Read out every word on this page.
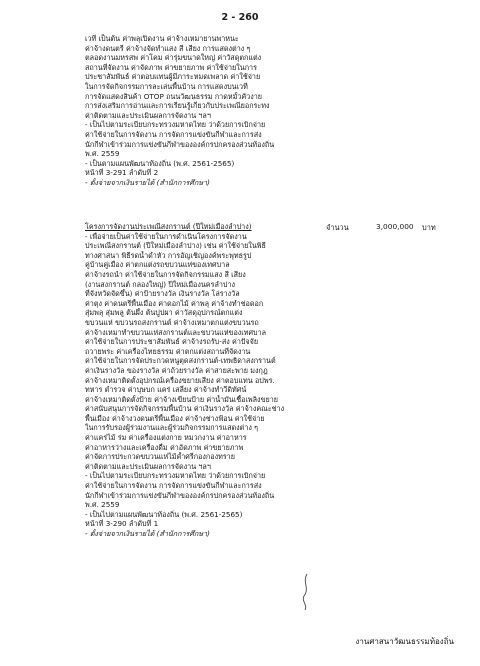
2 - 260
เวที เป็นต้น ค่าพลุเปิดงาน ค่าจ้างเหมายานพาหนะ
ค่าจ้างดนตรี ค่าจ้างจัดทำแสง สี เสียง การแสดงต่าง ๆ
ตลอดงานมหรสพ ค่าโคม ค่ารุ่มขนาดใหญ่ ค่าวัสดุตกแต่ง
สถานที่จัดงาน ค่าจัดภาพ ค่าขยายภาพ ค่าใช้จ่ายในการ
ประชาสัมพันธ์ ค่าตอบแทนผู้มีภาระหมดเพลาด ค่าใช้จ่าย
ในการจัดกิจกรรมการละเล่นพื้นบ้าน การแสดงบนเวที
การจัดแสดงสินค้า OTOP ถนนวัฒนธรรม กาดหมั้วคัวงาย
การส่งเสริมการอ่านและการเรียนรู้เกี่ยวกับประเพณียอกระทง
ค่าติดตามและประเมินผลการจัดงาน ฯลฯ
- เป็นไปตามระเบียบกระทรวงมหาดไทย ว่าด้วยการเบิกจ่าย
ค่าใช้จ่ายในการจัดงาน การจัดการแข่งขันกีฬาและการส่ง
นักกีฬาเข้าร่วมการแข่งขันกีฬาขององค์กรปกครองส่วนท้องถิ่น
พ.ศ. 2559
- เป็นตามแผนพัฒนาท้องถิ่น (พ.ศ. 2561-2565)
หน้าที่ 3-291 ลำดับที่ 2
- ตั้งจ่ายจากเงินรายได้ (สำนักการศึกษา)
โครงการจัดงานประเพณีสงกรานต์ (ปีใหม่เมืองลำปาง)
- เพื่อจ่ายเป็นค่าใช้จ่ายในการดำเนินโครงการจัดงาน
ประเพณีสงกรานต์ (ปีใหม่เมืองลำปาง) เช่น ค่าใช้จ่ายในพิธี
ทางศาสนา พิธีรดน้ำดำหัว การอัญเชิญองค์พระพุทธรูป
คู่บ้านคู่เมือง ค่าตกแต่งรถขบวนแห่ของเทศบาล
ค่าจ้างรถนำ ค่าใช้จ่ายในการจัดกิจกรรมแสง สี เสียง
(งานสงกรานต์ กลองใหญ่) ปีใหม่เมืองนครลำปาง
ที่จังหวัดจัดขึ้น) ค่าป้ายรางวัล เงินรางวัล โล่รางวัล
ค่าตุง ค่าดนตรีพื้นเมือง ค่าดอกไม้ ค่าพลุ ค่าจ้างทำช่อดอก
สุ่มพลุ สุ่มพลู ต้นผึ้ง ต้นปูปผา ค่าวัสดุอุปกรณ์ตกแต่ง
ขบวนแห่ ขบวนรถสงกรานต์ ค่าจ้างเหมาตกแต่งขบวนรถ
ค่าจ้างเหมาทำขบวนแห่สงกรานต์และขบวนแห่ของเทศบาล
ค่าใช้จ่ายในการประชาสัมพันธ์ ค่าจ้างรถรับ-ส่ง ค่าปัจจัย
ถวายพระ ค่าเครื่องไทยธรรม ค่าตกแต่งสถานที่จัดงาน
ค่าใช้จ่ายในการจัดประกวดหนูตุดสงกรานต์-เทพธิดาสงกรานต์
ค่าเงินรางวัล ของรางวัล ค่าถ้วยรางวัล ค่าสายสะพาย มงกุฎ
ค่าจ้างเหมาติดตั้งอุปกรณ์เครื่องขยายเสียง ค่าตอบแทน อปพร.
ทหาร ตำรวจ ค่าบุษบก แคร่ เสลี่ยง ค่าจ้างทำวีดิทัศน์
ค่าจ้างเหมาติดตั้งป้าย ค่าจ้างเขียนป้าย ค่าน้ำมันเชื้อเพลิงขยาย
ค่าสนับสนุนการจัดกิจกรรมพื้นบ้าน ค่าเงินรางวัล ค่าจ้างคณะช่าง
พื้นเมือง ค่าจ้างวงดนตรีพื้นเมือง ค่าจ้างช่างฟ้อน ค่าใช้จ่าย
ในการรับรองผู้ร่วมงานและผู้ร่วมกิจกรรมการแสดงต่าง ๆ
ค่าแคร่ไม้ ร่ม ค่าเครื่องแต่งกาย หมวกงาน ค่าอาหาร
ค่าอาหารว่างและเครื่องดื่ม ค่าอัดภาพ ค่าขยายภาพ
ค่าจัดการประกวดขบวนแห่ไม้ค้ำศรีกองกองทราย
ค่าติดตามและประเมินผลการจัดงาน ฯลฯ
- เป็นไปตามระเบียบกระทรวงมหาดไทย ว่าด้วยการเบิกจ่าย
ค่าใช้จ่ายในการจัดงาน การจัดการแข่งขันกีฬาและการส่ง
นักกีฬาเข้าร่วมการแข่งขันกีฬาขององค์กรปกครองส่วนท้องถิ่น
พ.ศ. 2559
- เป็นไปตามแผนพัฒนาท้องถิ่น (พ.ศ. 2561-2565)
หน้าที่ 3-290 ลำดับที่ 1
- ตั้งจ่ายจากเงินรายได้ (สำนักการศึกษา)
จำนวน	3,000,000 บาท
งานศาสนาวัฒนธรรมท้องถิ่น
